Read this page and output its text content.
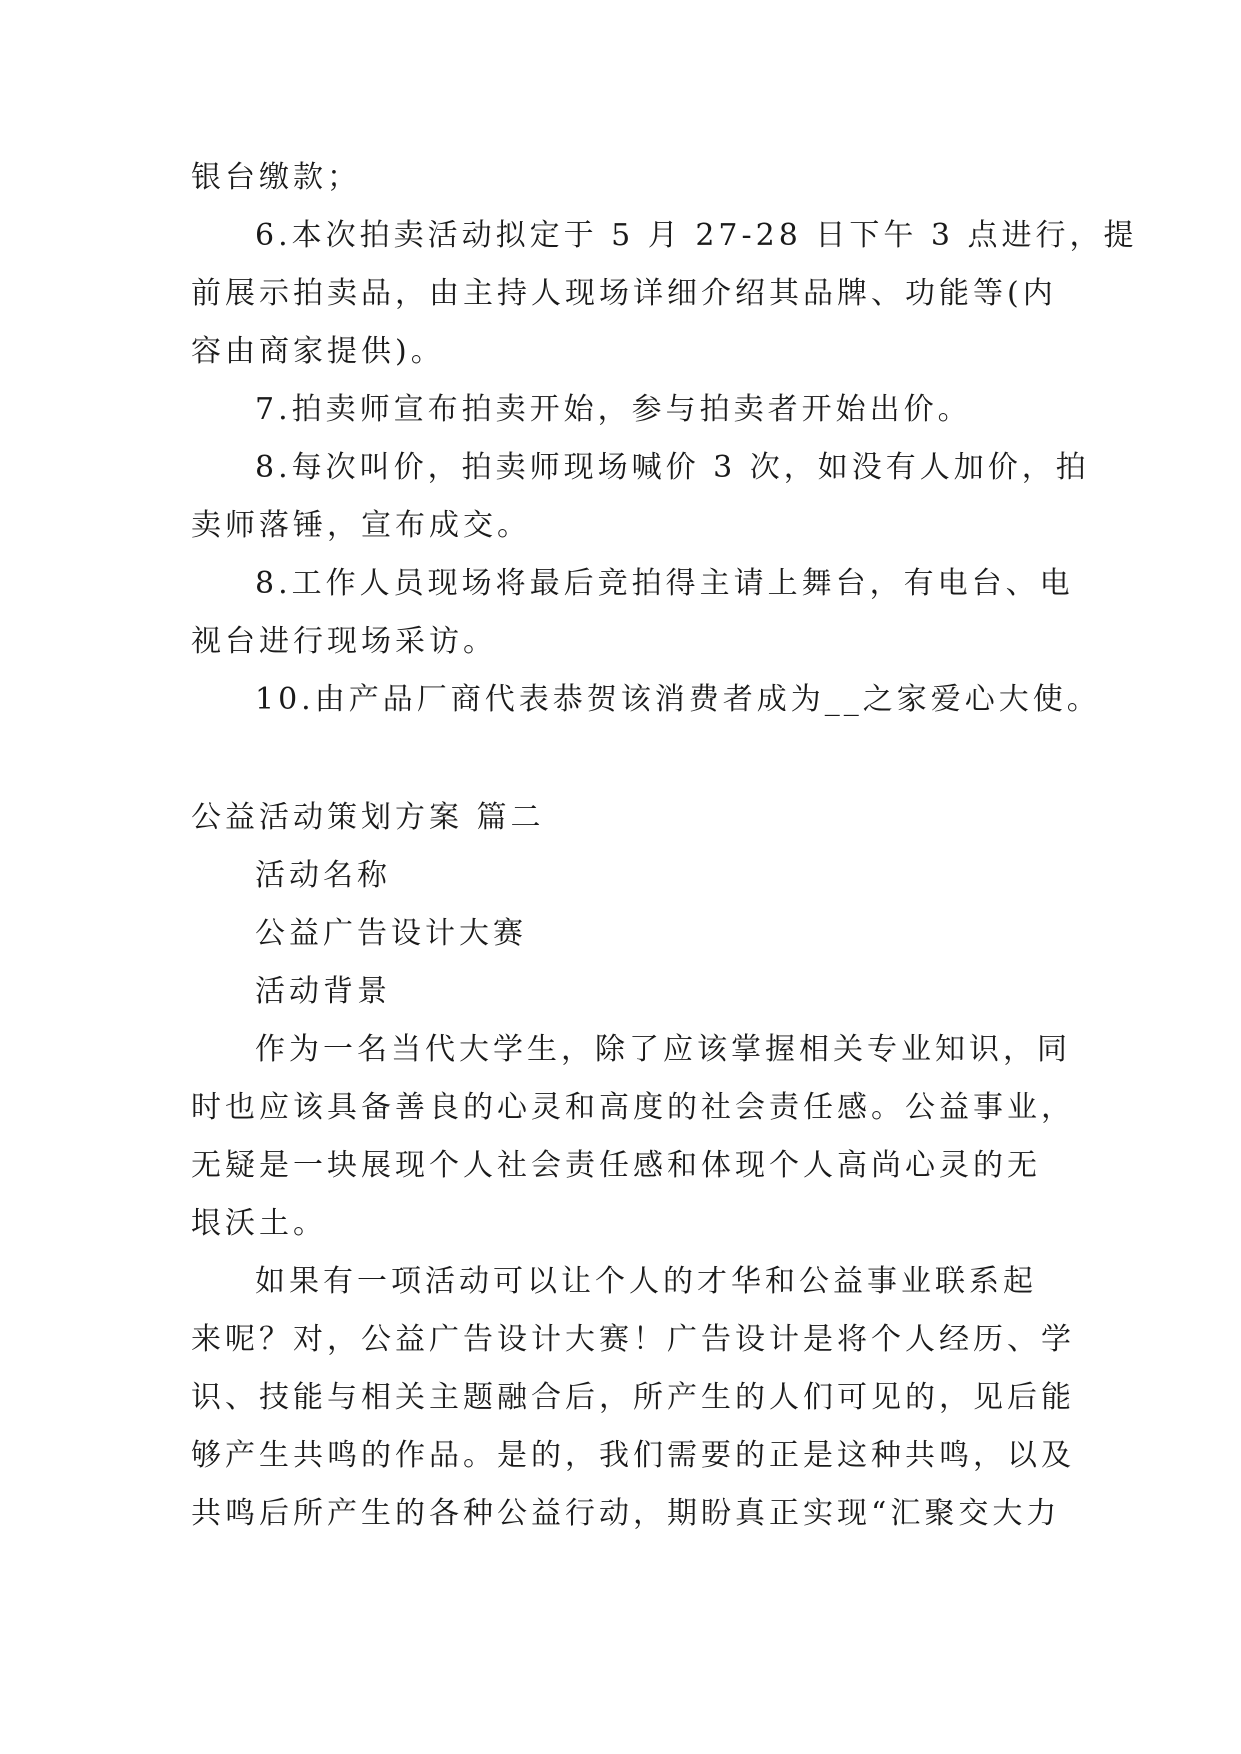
银台缴款；
6.本次拍卖活动拟定于 5 月 27-28 日下午 3 点进行，提
前展示拍卖品，由主持人现场详细介绍其品牌、功能等(内
容由商家提供)。
7.拍卖师宣布拍卖开始，参与拍卖者开始出价。
8.每次叫价，拍卖师现场喊价 3 次，如没有人加价，拍
卖师落锤，宣布成交。
8.工作人员现场将最后竞拍得主请上舞台，有电台、电
视台进行现场采访。
10.由产品厂商代表恭贺该消费者成为__之家爱心大使。
公益活动策划方案 篇二
活动名称
公益广告设计大赛
活动背景
作为一名当代大学生，除了应该掌握相关专业知识，同
时也应该具备善良的心灵和高度的社会责任感。公益事业，
无疑是一块展现个人社会责任感和体现个人高尚心灵的无
垠沃土。
如果有一项活动可以让个人的才华和公益事业联系起
来呢？对，公益广告设计大赛！广告设计是将个人经历、学
识、技能与相关主题融合后，所产生的人们可见的，见后能
够产生共鸣的作品。是的，我们需要的正是这种共鸣，以及
共鸣后所产生的各种公益行动，期盼真正实现“汇聚交大力
